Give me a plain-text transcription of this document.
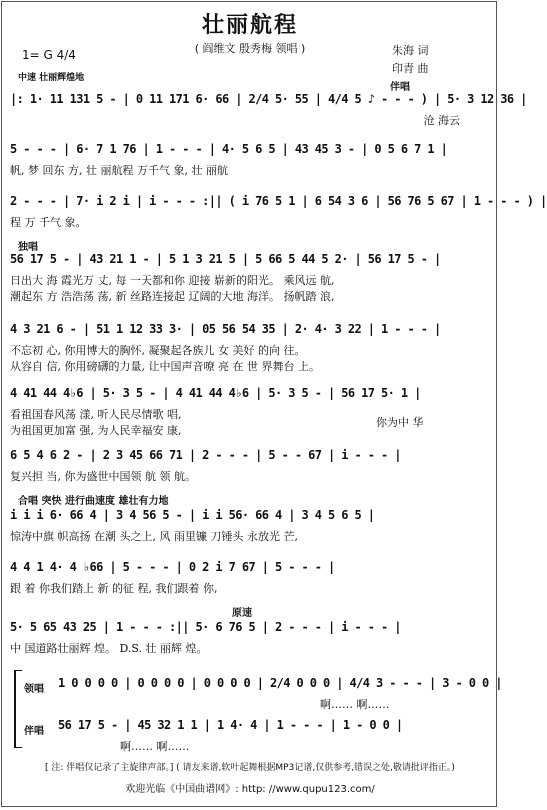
壮丽航程
( 阎维文 殷秀梅 领唱 )	朱海 词
印青 曲
1= G 4/4
中速 壮丽辉煌地
伴唱
|: 1· 11 131 5 - | 0 11 171 6· 66 | 2/4 5· 55 | 4/4 5 ♪ - - - ) | 5· 3 12 36 |
沧 海云
5 - - - | 6· 7 1 76 | 1 - - - | 4· 5 6 5 | 43 45 3 - | 0 5 6 7 1 |
帆, 梦 回东 方, 壮 丽航程 万千气 象, 壮 丽航
2 - - - | 7· i 2 i | i - - - :|| ( i 76 5 1 | 6 54 3 6 | 56 76 5 67 | 1 - - - ) |
程 万 千气 象。
独唱
56 17 5 - | 43 21 1 - | 5 1 3 21 5 | 5 66 5 44 5 2· | 56 17 5 - |
日出大 海 霞光万 丈, 每 一天都和你 迎接 崭新的阳光。 乘风远 航,
潮起东 方 浩浩荡 荡, 新 丝路连接起 辽阔的大地 海洋。 扬帆踏 浪,
4 3 21 6 - | 51 1 12 33 3· | 05 56 54 35 | 2· 4· 3 22 | 1 - - - |
不忘初 心, 你用博大的胸怀, 凝聚起各族儿 女 美好 的向 往。
从容自 信, 你用磅礴的力量, 让中国声音嘹 亮 在 世 界舞台 上。
4 41 44 4♭6 | 5· 3 5 - | 4 41 44 4♭6 | 5· 3 5 - | 56 17 5· 1 |
看祖国春风荡 漾, 听人民尽情歌 唱,
为祖国更加富 强, 为人民幸福安 康,
你为中 华
6 5 4 6 2 - | 2 3 45 66 71 | 2 - - - | 5 - - 67 | i - - - |
复兴担 当, 你为盛世中国领 航 领 航。
合唱 突快 进行曲速度 雄壮有力地
i i i 6· 66 4 | 3 4 56 5 - | i i 56· 66 4 | 3 4 5 6 5 |
惊涛中旗 帜高扬 在潮 头之上, 风 雨里镰 刀锤头 永放光 芒,
4 4 1 4· 4 ♭66 | 5 - - - | 0 2 i 7 67 | 5 - - - |
跟 着 你我们踏上 新 的征 程, 我们跟着 你,
原速
5· 5 65 43 25 | 1 - - - :|| 5· 6 76 5 | 2 - - - | i - - - |
中 国道路壮丽辉 煌。 D.S. 壮 丽辉 煌。
领唱 1 0 0 0 0 | 0 0 0 0 | 0 0 0 0 | 2/4 0 0 0 | 4/4 3 - - - | 3 - 0 0 |
啊…… 啊……
伴唱 56 17 5 - | 45 32 1 1 | 1 4· 4 | 1 - - - | 1 - 0 0 |
啊…… 啊……
[ 注: 伴唱仅记录了主旋律声部。] ( 请友来谱,软叶起舞根据MP3记谱,仅供参考,错误之处,敬请批评指正。)
欢迎光临《中国曲谱网》: http: //www.qupu123.com/
